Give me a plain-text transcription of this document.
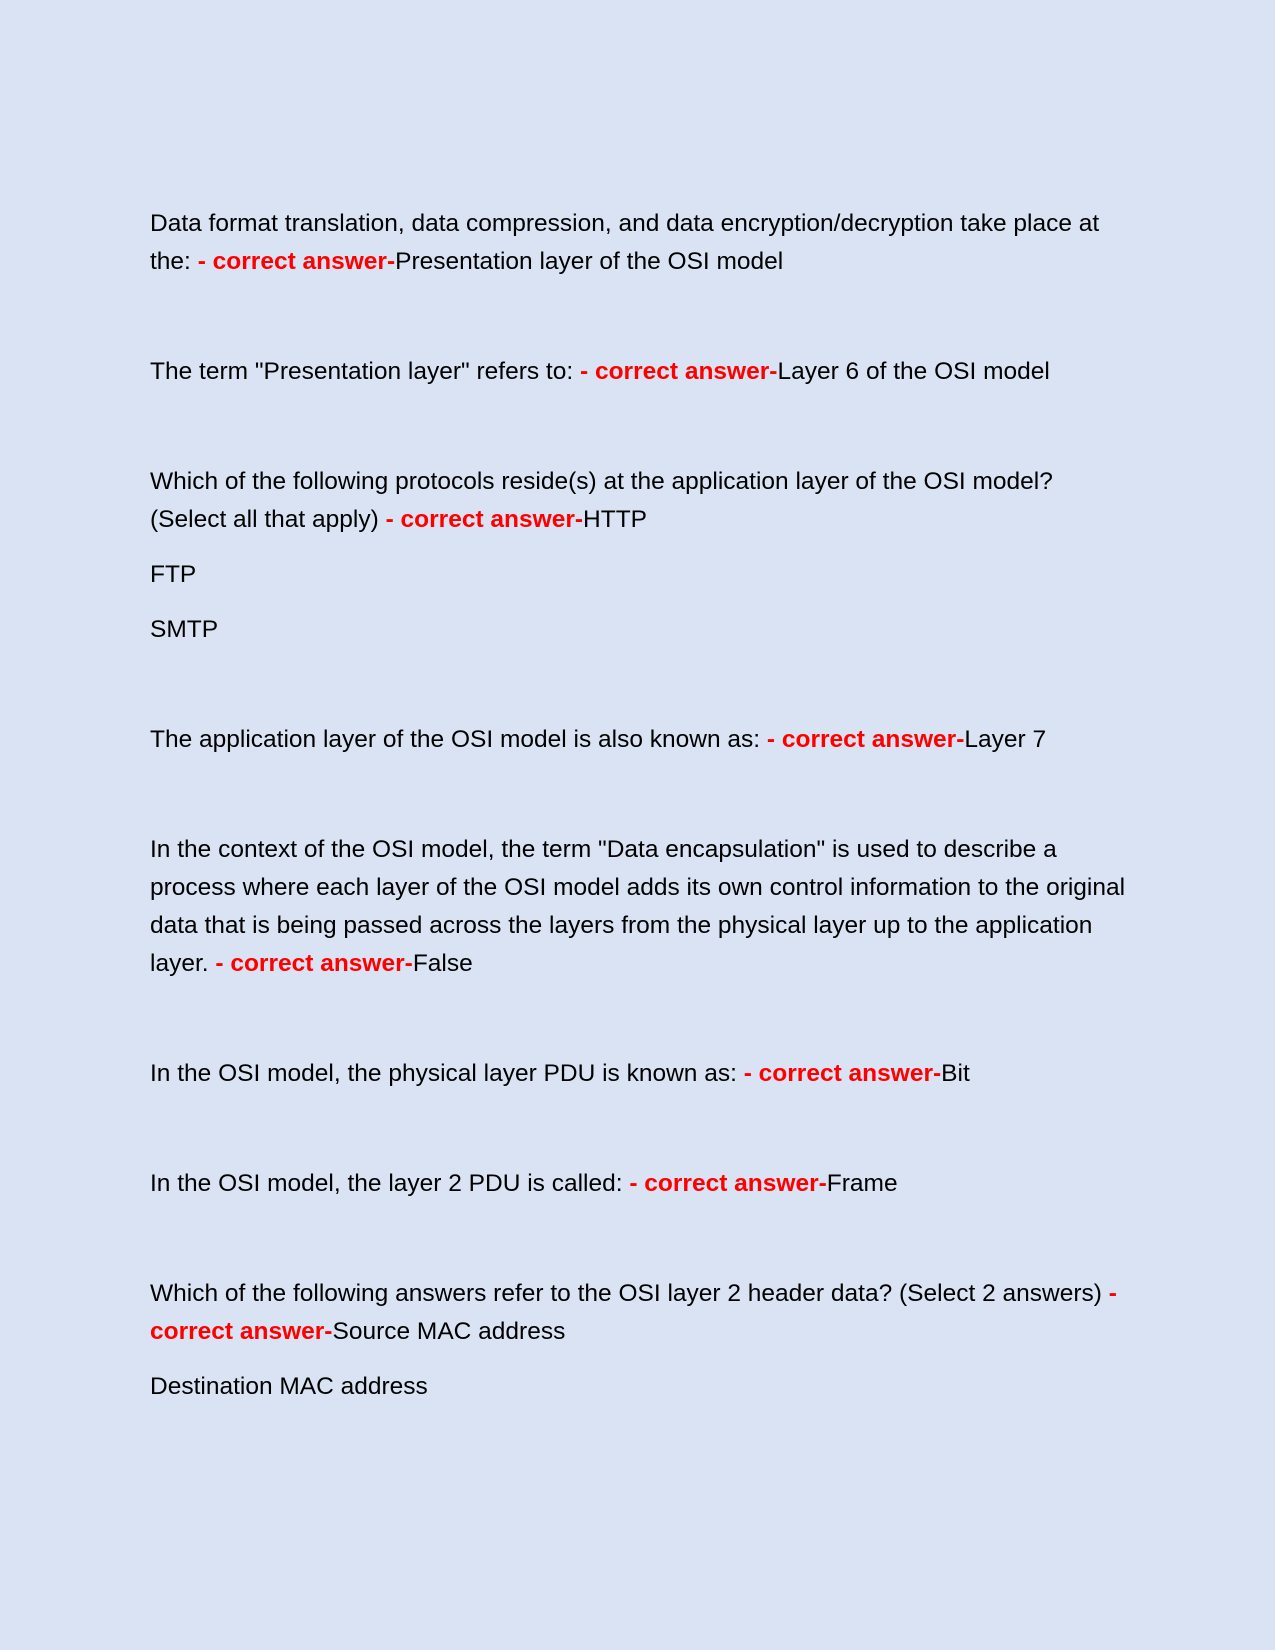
Data format translation, data compression, and data encryption/decryption take place at the: - correct answer-Presentation layer of the OSI model

The term "Presentation layer" refers to: - correct answer-Layer 6 of the OSI model

Which of the following protocols reside(s) at the application layer of the OSI model? (Select all that apply) - correct answer-HTTP

FTP

SMTP

The application layer of the OSI model is also known as: - correct answer-Layer 7

In the context of the OSI model, the term "Data encapsulation" is used to describe a process where each layer of the OSI model adds its own control information to the original data that is being passed across the layers from the physical layer up to the application layer. - correct answer-False

In the OSI model, the physical layer PDU is known as: - correct answer-Bit

In the OSI model, the layer 2 PDU is called: - correct answer-Frame

Which of the following answers refer to the OSI layer 2 header data? (Select 2 answers) - correct answer-Source MAC address

Destination MAC address
